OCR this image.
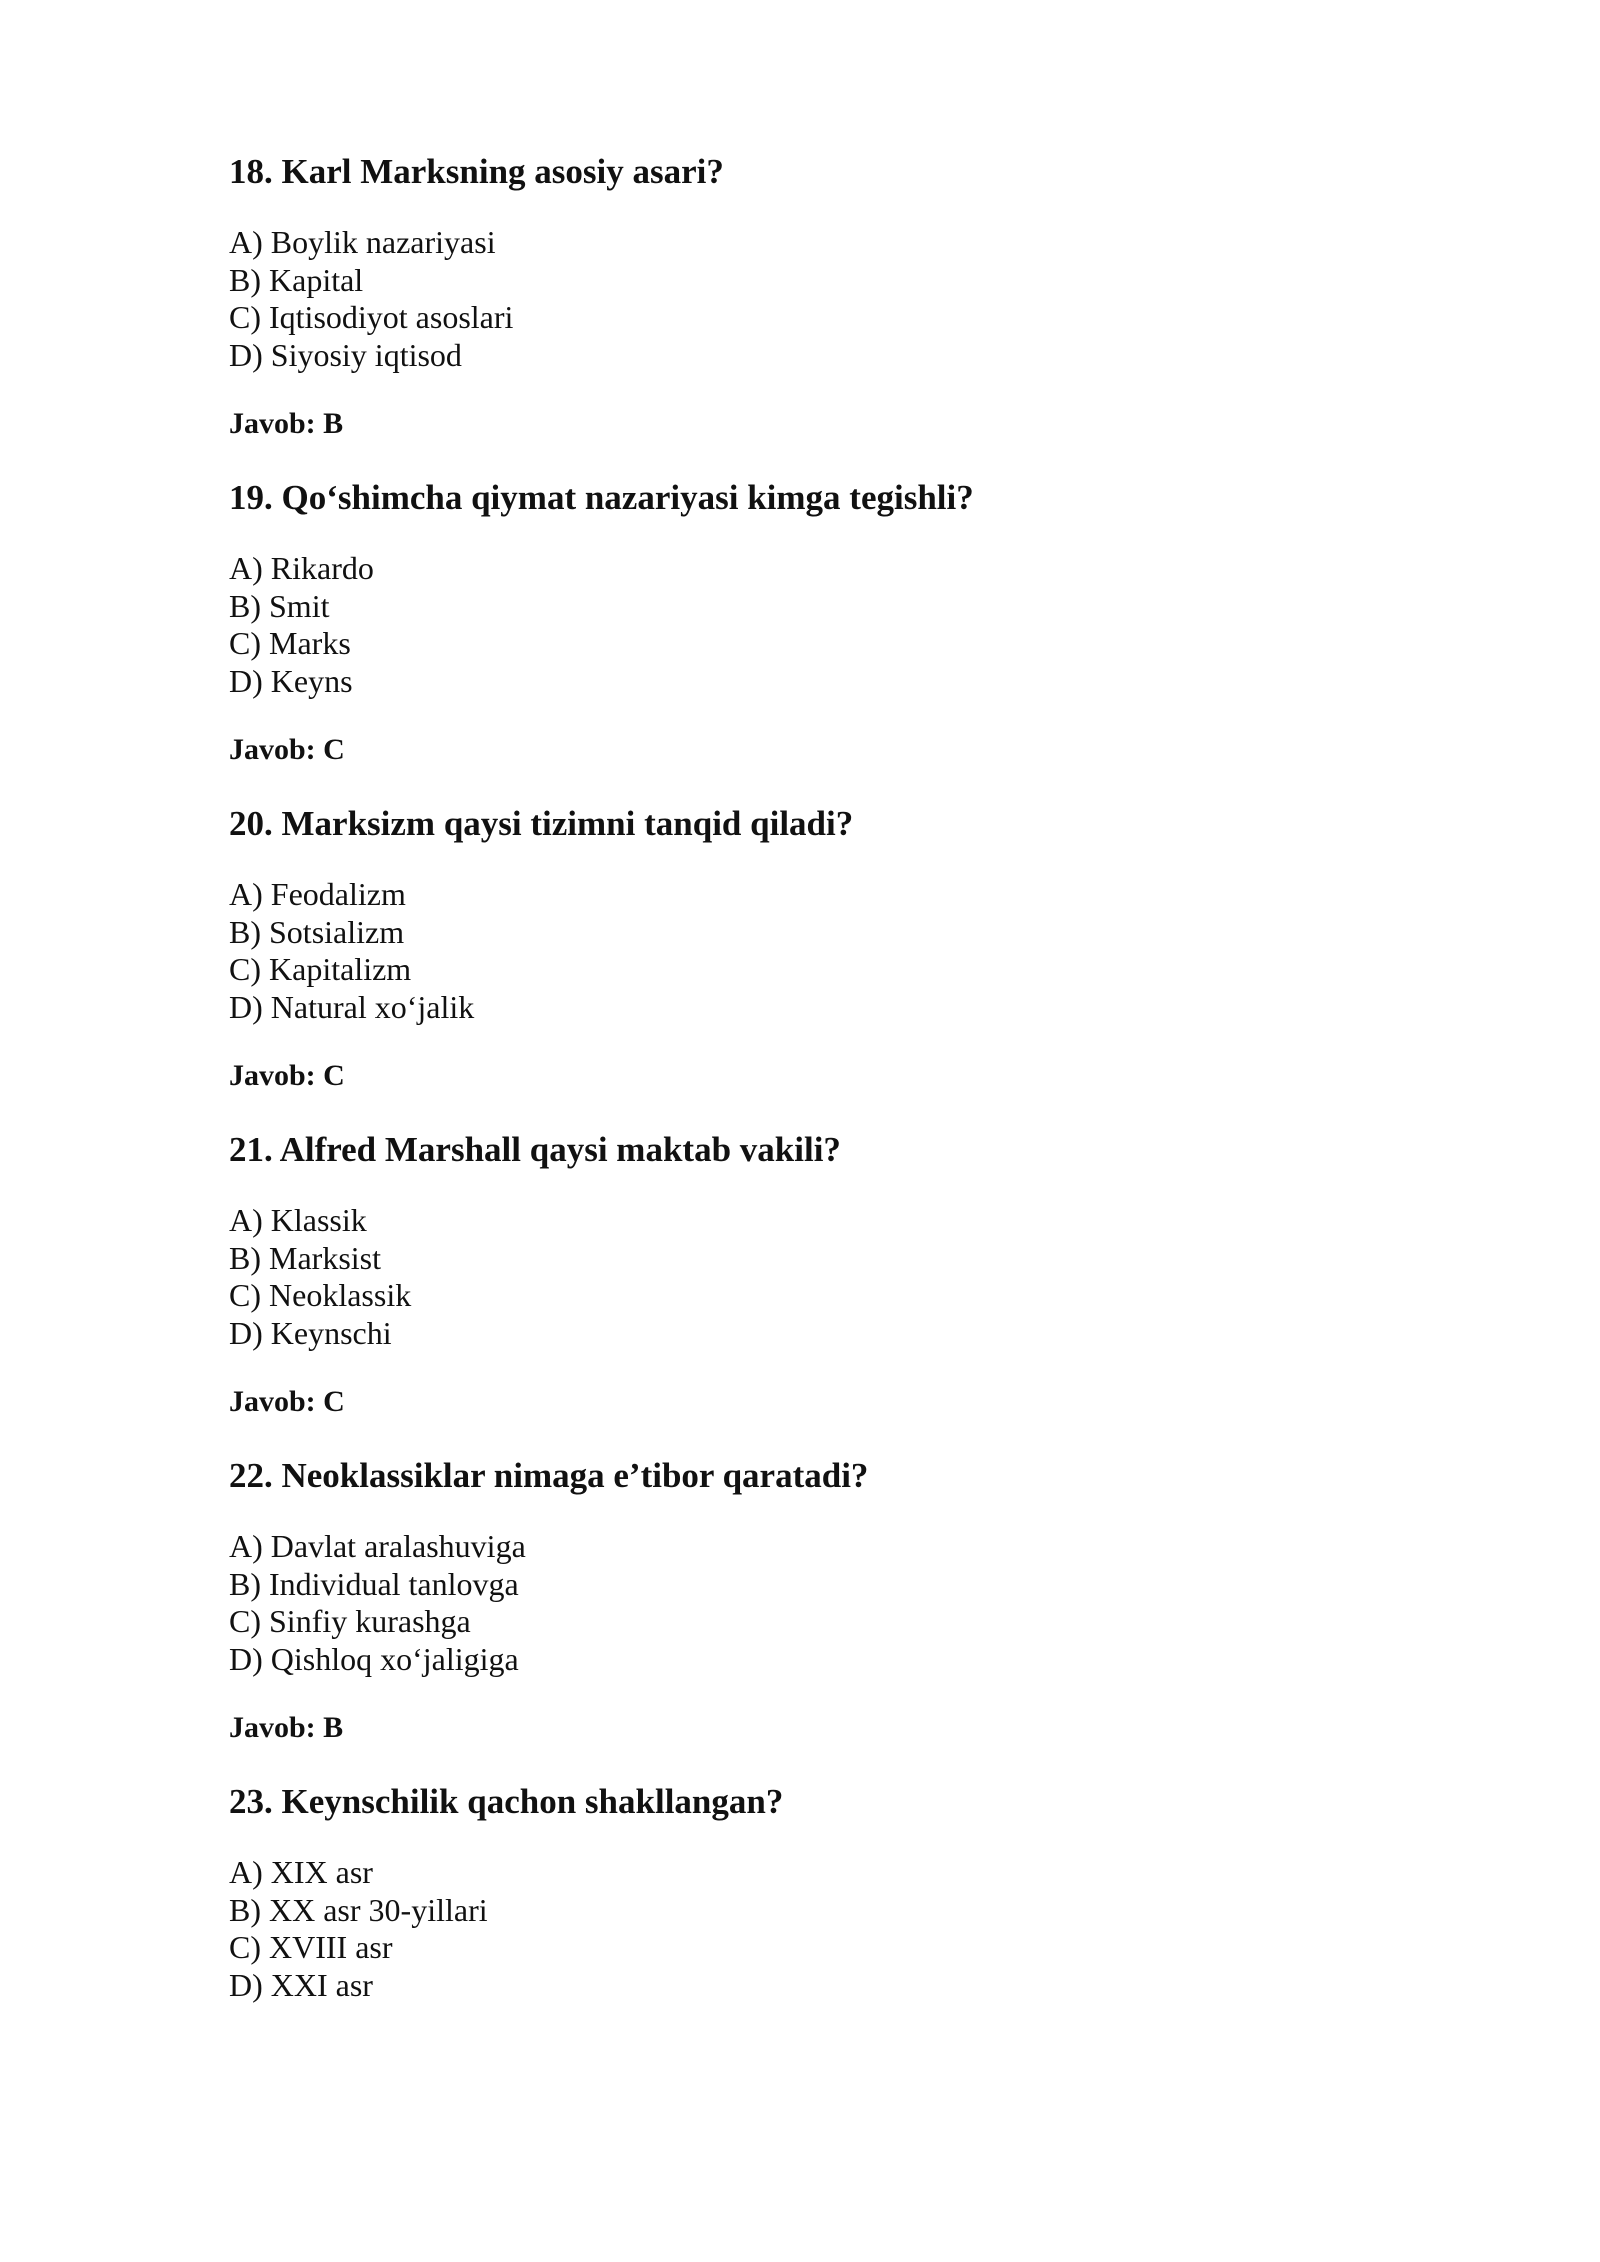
18. Karl Marksning asosiy asari?

A) Boylik nazariyasi
B) Kapital
C) Iqtisodiyot asoslari
D) Siyosiy iqtisod

Javob: B

19. Qo‘shimcha qiymat nazariyasi kimga tegishli?

A) Rikardo
B) Smit
C) Marks
D) Keyns

Javob: C

20. Marksizm qaysi tizimni tanqid qiladi?

A) Feodalizm
B) Sotsializm
C) Kapitalizm
D) Natural xo‘jalik

Javob: C

21. Alfred Marshall qaysi maktab vakili?

A) Klassik
B) Marksist
C) Neoklassik
D) Keynschi

Javob: C

22. Neoklassiklar nimaga e’tibor qaratadi?

A) Davlat aralashuviga
B) Individual tanlovga
C) Sinfiy kurashga
D) Qishloq xo‘jaligiga

Javob: B

23. Keynschilik qachon shakllangan?

A) XIX asr
B) XX asr 30-yillari
C) XVIII asr
D) XXI asr
